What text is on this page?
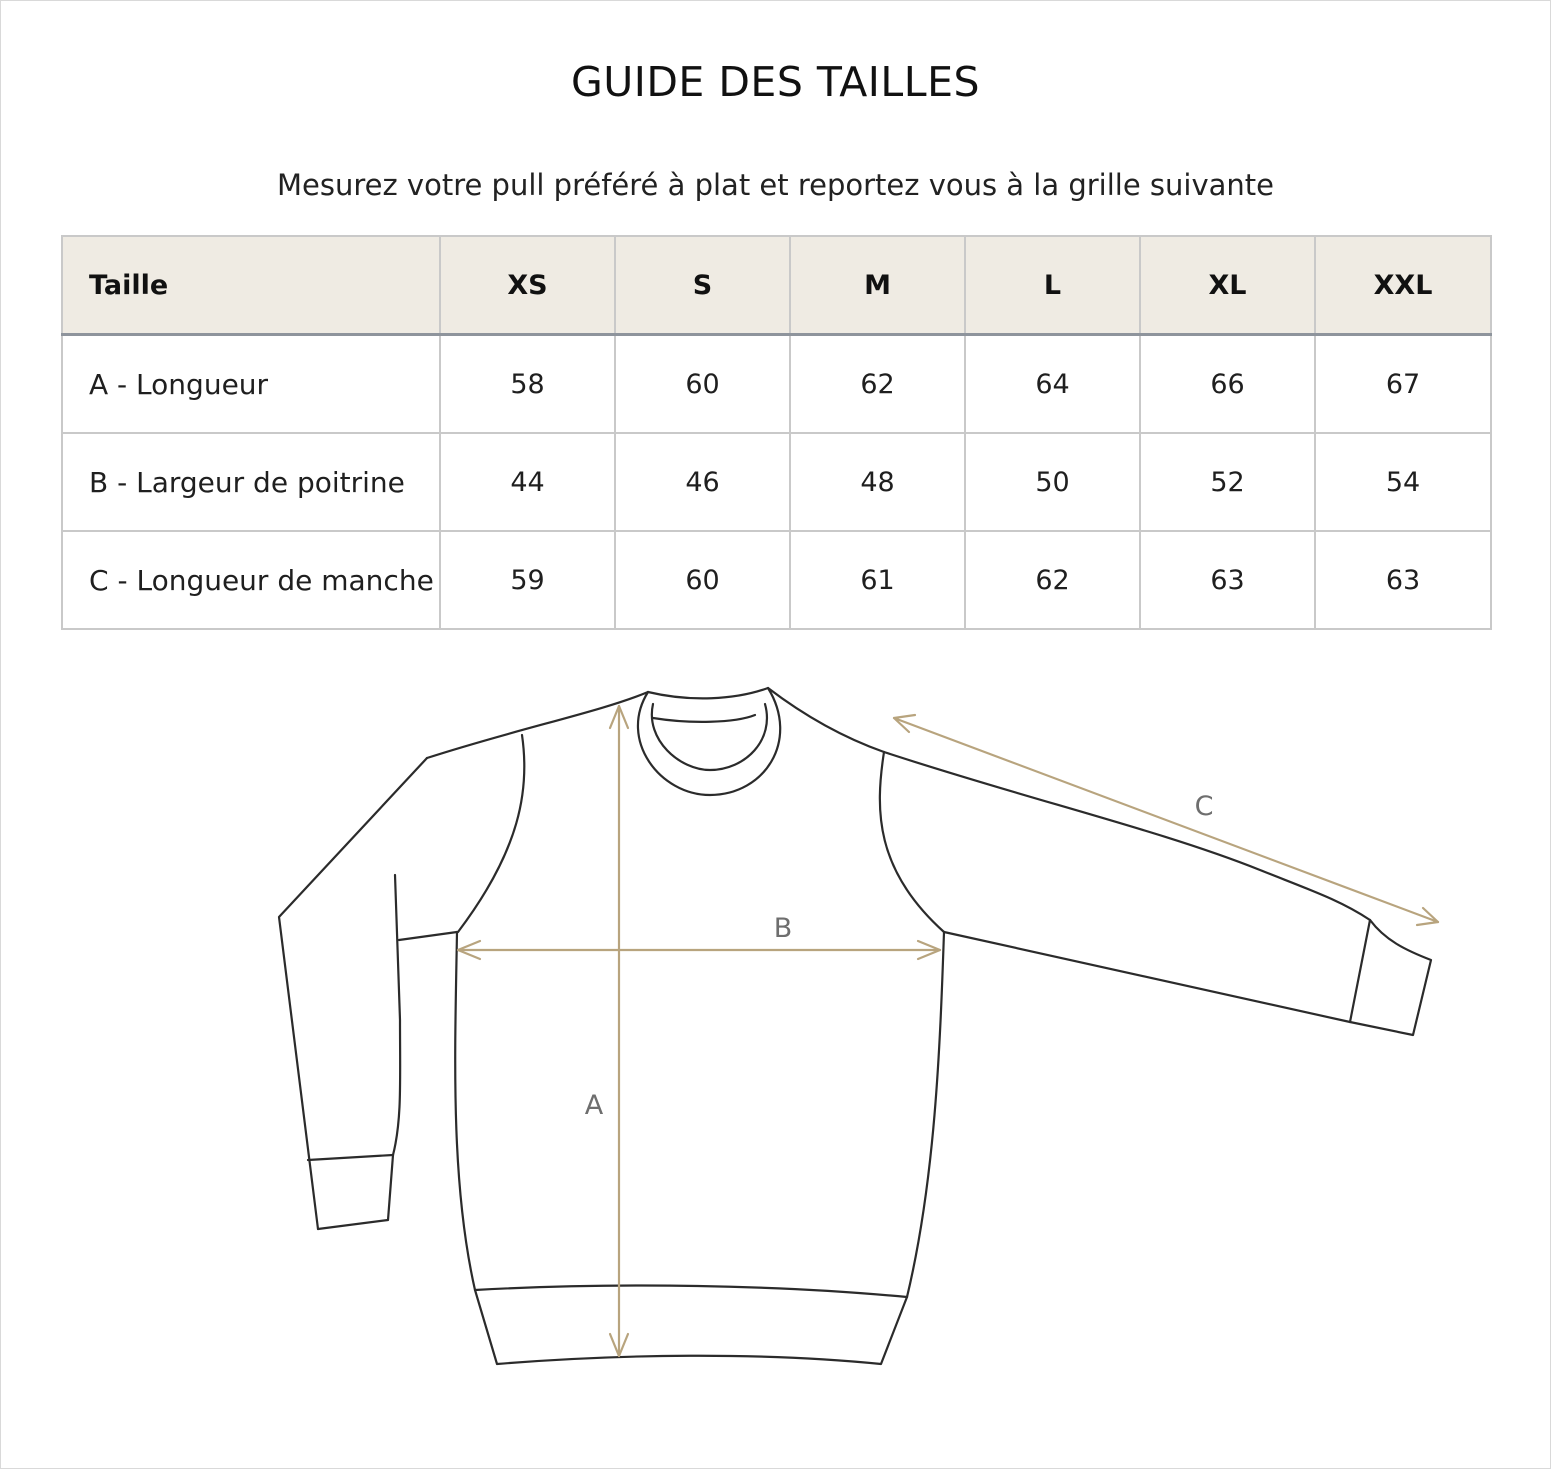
GUIDE DES TAILLES

Mesurez votre pull préféré à plat et reportez vous à la grille suivante

Taille	XS	S	M	L	XL	XXL
A - Longueur	58	60	62	64	66	67
B - Largeur de poitrine	44	46	48	50	52	54
C - Longueur de manche	59	60	61	62	63	63
A
B
C
